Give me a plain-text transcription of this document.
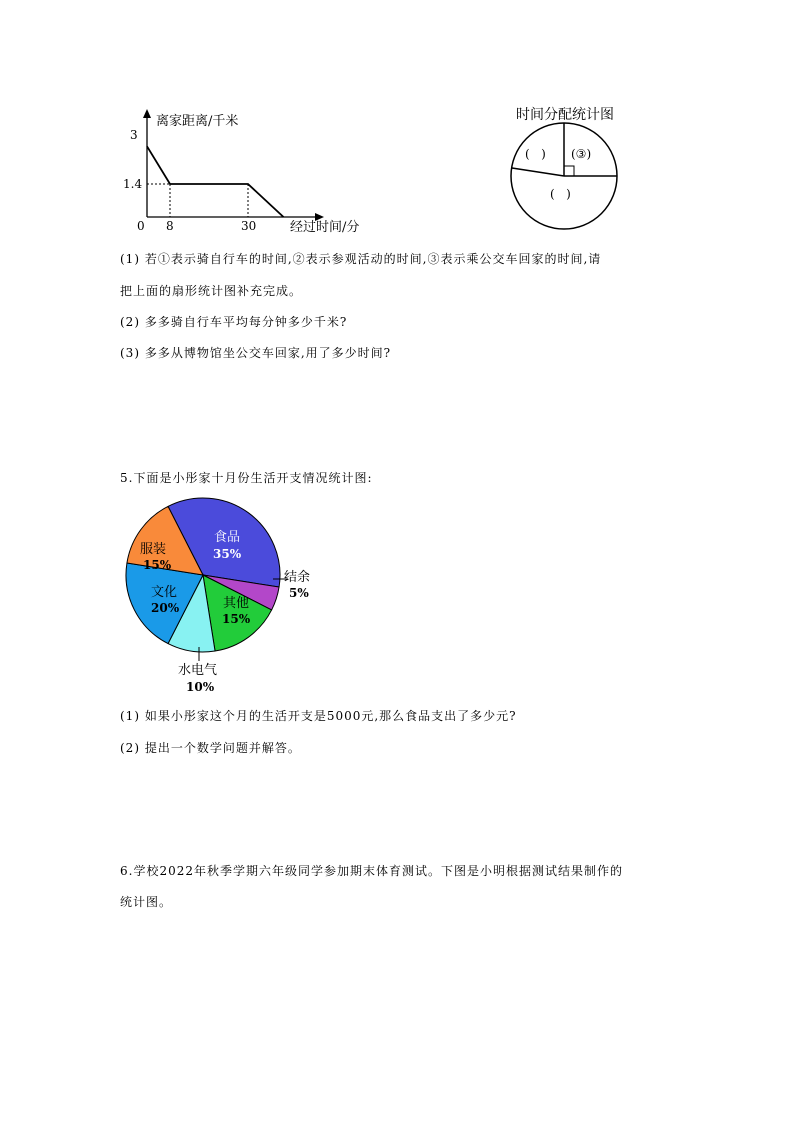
离家距离/千米
经过时间/分
3
1.4
0 8	30
时间分配统计图
(   ) (③)
(   )
(1) 若①表示骑自行车的时间,②表示参观活动的时间,③表示乘公交车回家的时间,请
把上面的扇形统计图补充完成。
(2) 多多骑自行车平均每分钟多少千米?
(3) 多多从博物馆坐公交车回家,用了多少时间?
5.下面是小彤家十月份生活开支情况统计图:
食品
35%
服装
15%
文化
20%	其他
15%
结余
5%
水电气
10%
(1) 如果小彤家这个月的生活开支是5000元,那么食品支出了多少元?
(2) 提出一个数学问题并解答。
6.学校2022年秋季学期六年级同学参加期末体育测试。下图是小明根据测试结果制作的
统计图。
